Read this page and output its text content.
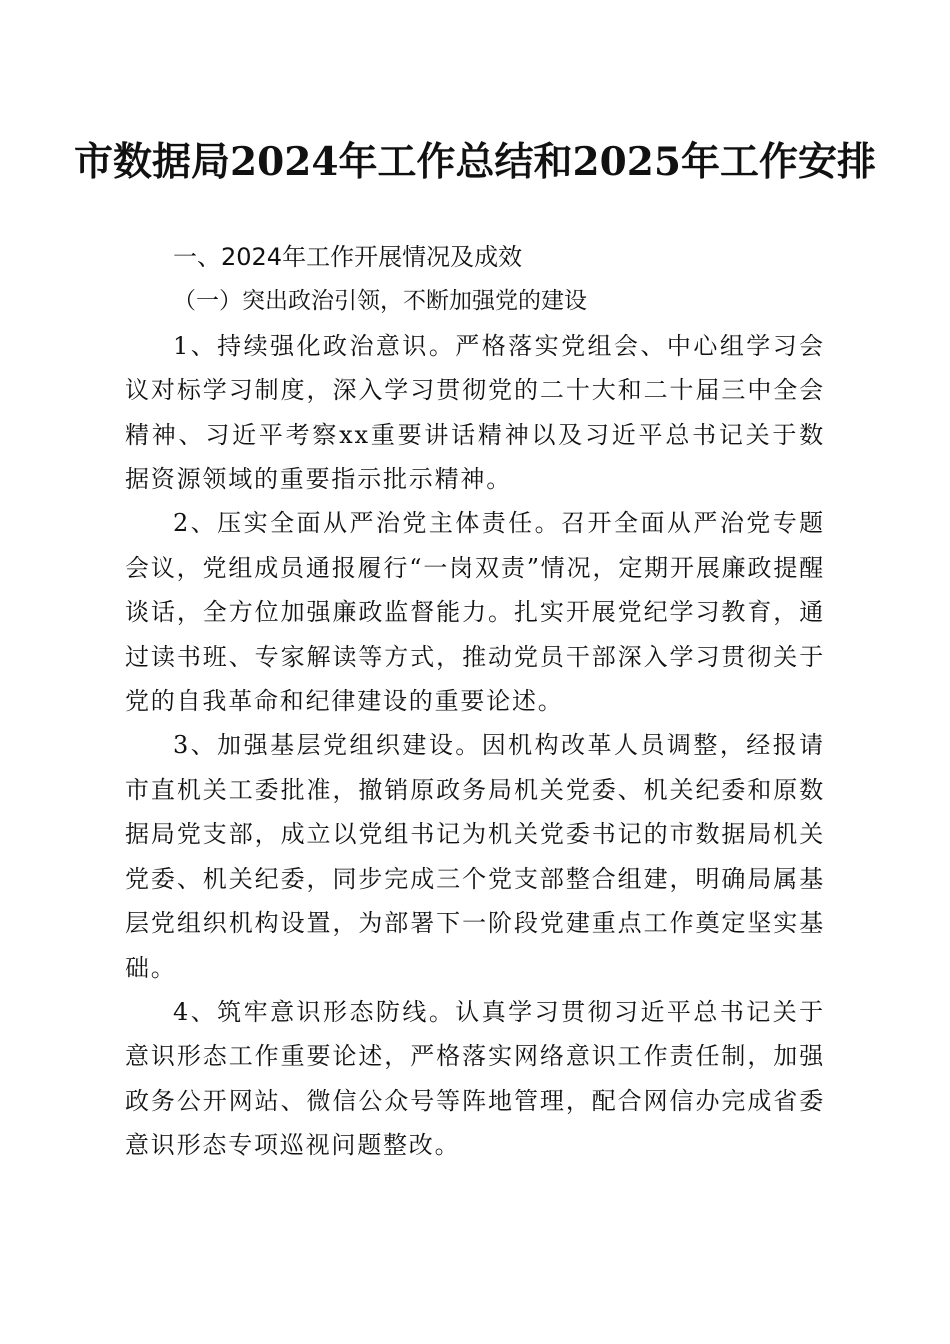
市数据局2024年工作总结和2025年工作安排
一、2024年工作开展情况及成效
（一）突出政治引领，不断加强党的建设

1、持续强化政治意识。严格落实党组会、中心组学习会议对标学习制度，深入学习贯彻党的二十大和二十届三中全会精神、习近平考察xx重要讲话精神以及习近平总书记关于数据资源领域的重要指示批示精神。

2、压实全面从严治党主体责任。召开全面从严治党专题会议，党组成员通报履行“一岗双责”情况，定期开展廉政提醒谈话，全方位加强廉政监督能力。扎实开展党纪学习教育，通过读书班、专家解读等方式，推动党员干部深入学习贯彻关于党的自我革命和纪律建设的重要论述。

3、加强基层党组织建设。因机构改革人员调整，经报请市直机关工委批准，撤销原政务局机关党委、机关纪委和原数据局党支部，成立以党组书记为机关党委书记的市数据局机关党委、机关纪委，同步完成三个党支部整合组建，明确局属基层党组织机构设置，为部署下一阶段党建重点工作奠定坚实基础。

4、筑牢意识形态防线。认真学习贯彻习近平总书记关于意识形态工作重要论述，严格落实网络意识工作责任制，加强政务公开网站、微信公众号等阵地管理，配合网信办完成省委意识形态专项巡视问题整改。
